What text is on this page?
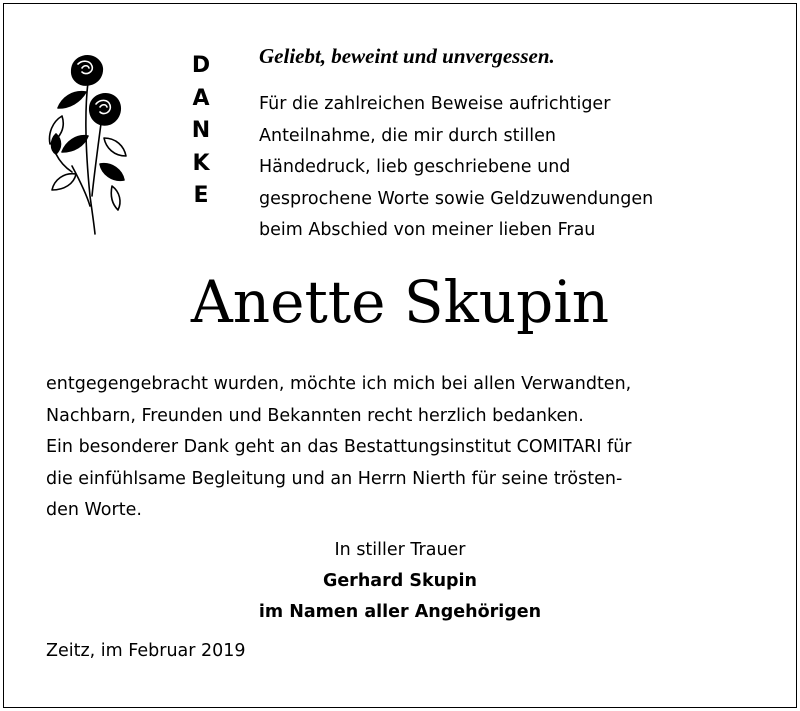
D
A
N
K
E
Geliebt, beweint und unvergessen.
Für die zahlreichen Beweise aufrichtiger
Anteilnahme, die mir durch stillen
Händedruck, lieb geschriebene und
gesprochene Worte sowie Geldzuwendungen
beim Abschied von meiner lieben Frau
Anette Skupin
entgegengebracht wurden, möchte ich mich bei allen Verwandten,
Nachbarn, Freunden und Bekannten recht herzlich bedanken.
Ein besonderer Dank geht an das Bestattungsinstitut COMITARI für
die einfühlsame Begleitung und an Herrn Nierth für seine trösten-
den Worte.
In stiller Trauer
Gerhard Skupin
im Namen aller Angehörigen
Zeitz, im Februar 2019
